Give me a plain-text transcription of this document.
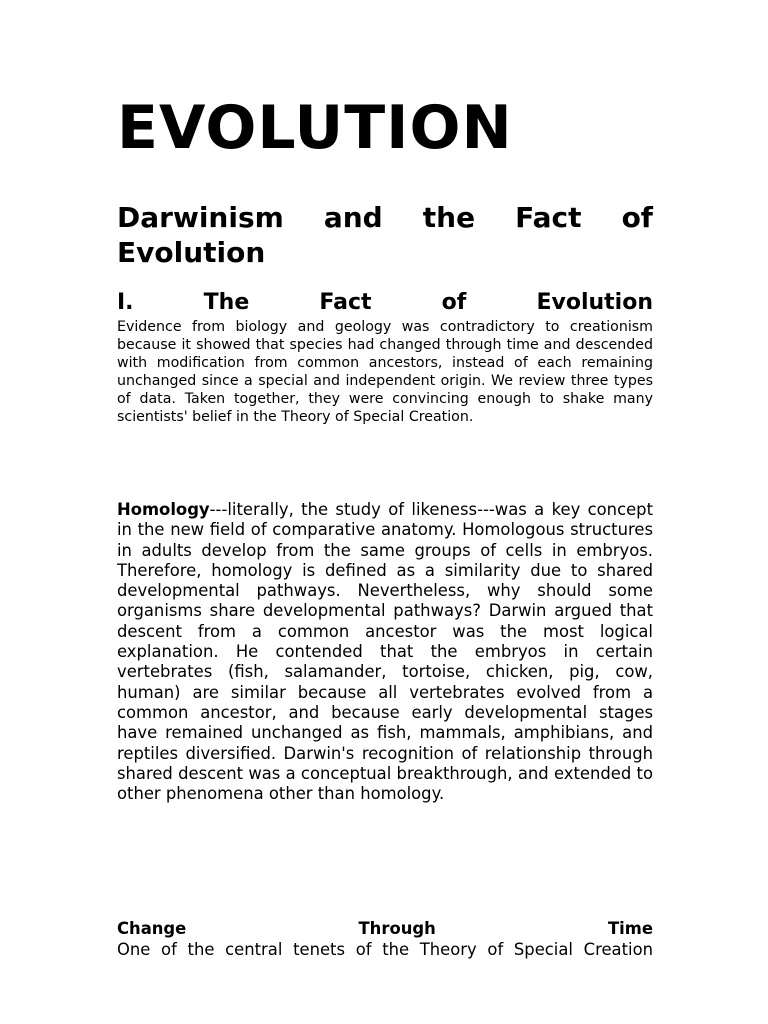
EVOLUTION
Darwinism and the Fact of Evolution
I. The Fact of Evolution

Evidence from biology and geology was contradictory to creationism because it showed that species had changed through time and descended with modification from common ancestors, instead of each remaining unchanged since a special and independent origin. We review three types of data. Taken together, they were convincing enough to shake many scientists' belief in the Theory of Special Creation.

Homology---literally, the study of likeness---was a key concept in the new field of comparative anatomy. Homologous structures in adults develop from the same groups of cells in embryos. Therefore, homology is defined as a similarity due to shared developmental pathways. Nevertheless, why should some organisms share developmental pathways? Darwin argued that descent from a common ancestor was the most logical explanation. He contended that the embryos in certain vertebrates (fish, salamander, tortoise, chicken, pig, cow, human) are similar because all vertebrates evolved from a common ancestor, and because early developmental stages have remained unchanged as fish, mammals, amphibians, and reptiles diversified. Darwin's recognition of relationship through shared descent was a conceptual breakthrough, and extended to other phenomena other than homology.

Change Through Time

One of the central tenets of the Theory of Special Creation
